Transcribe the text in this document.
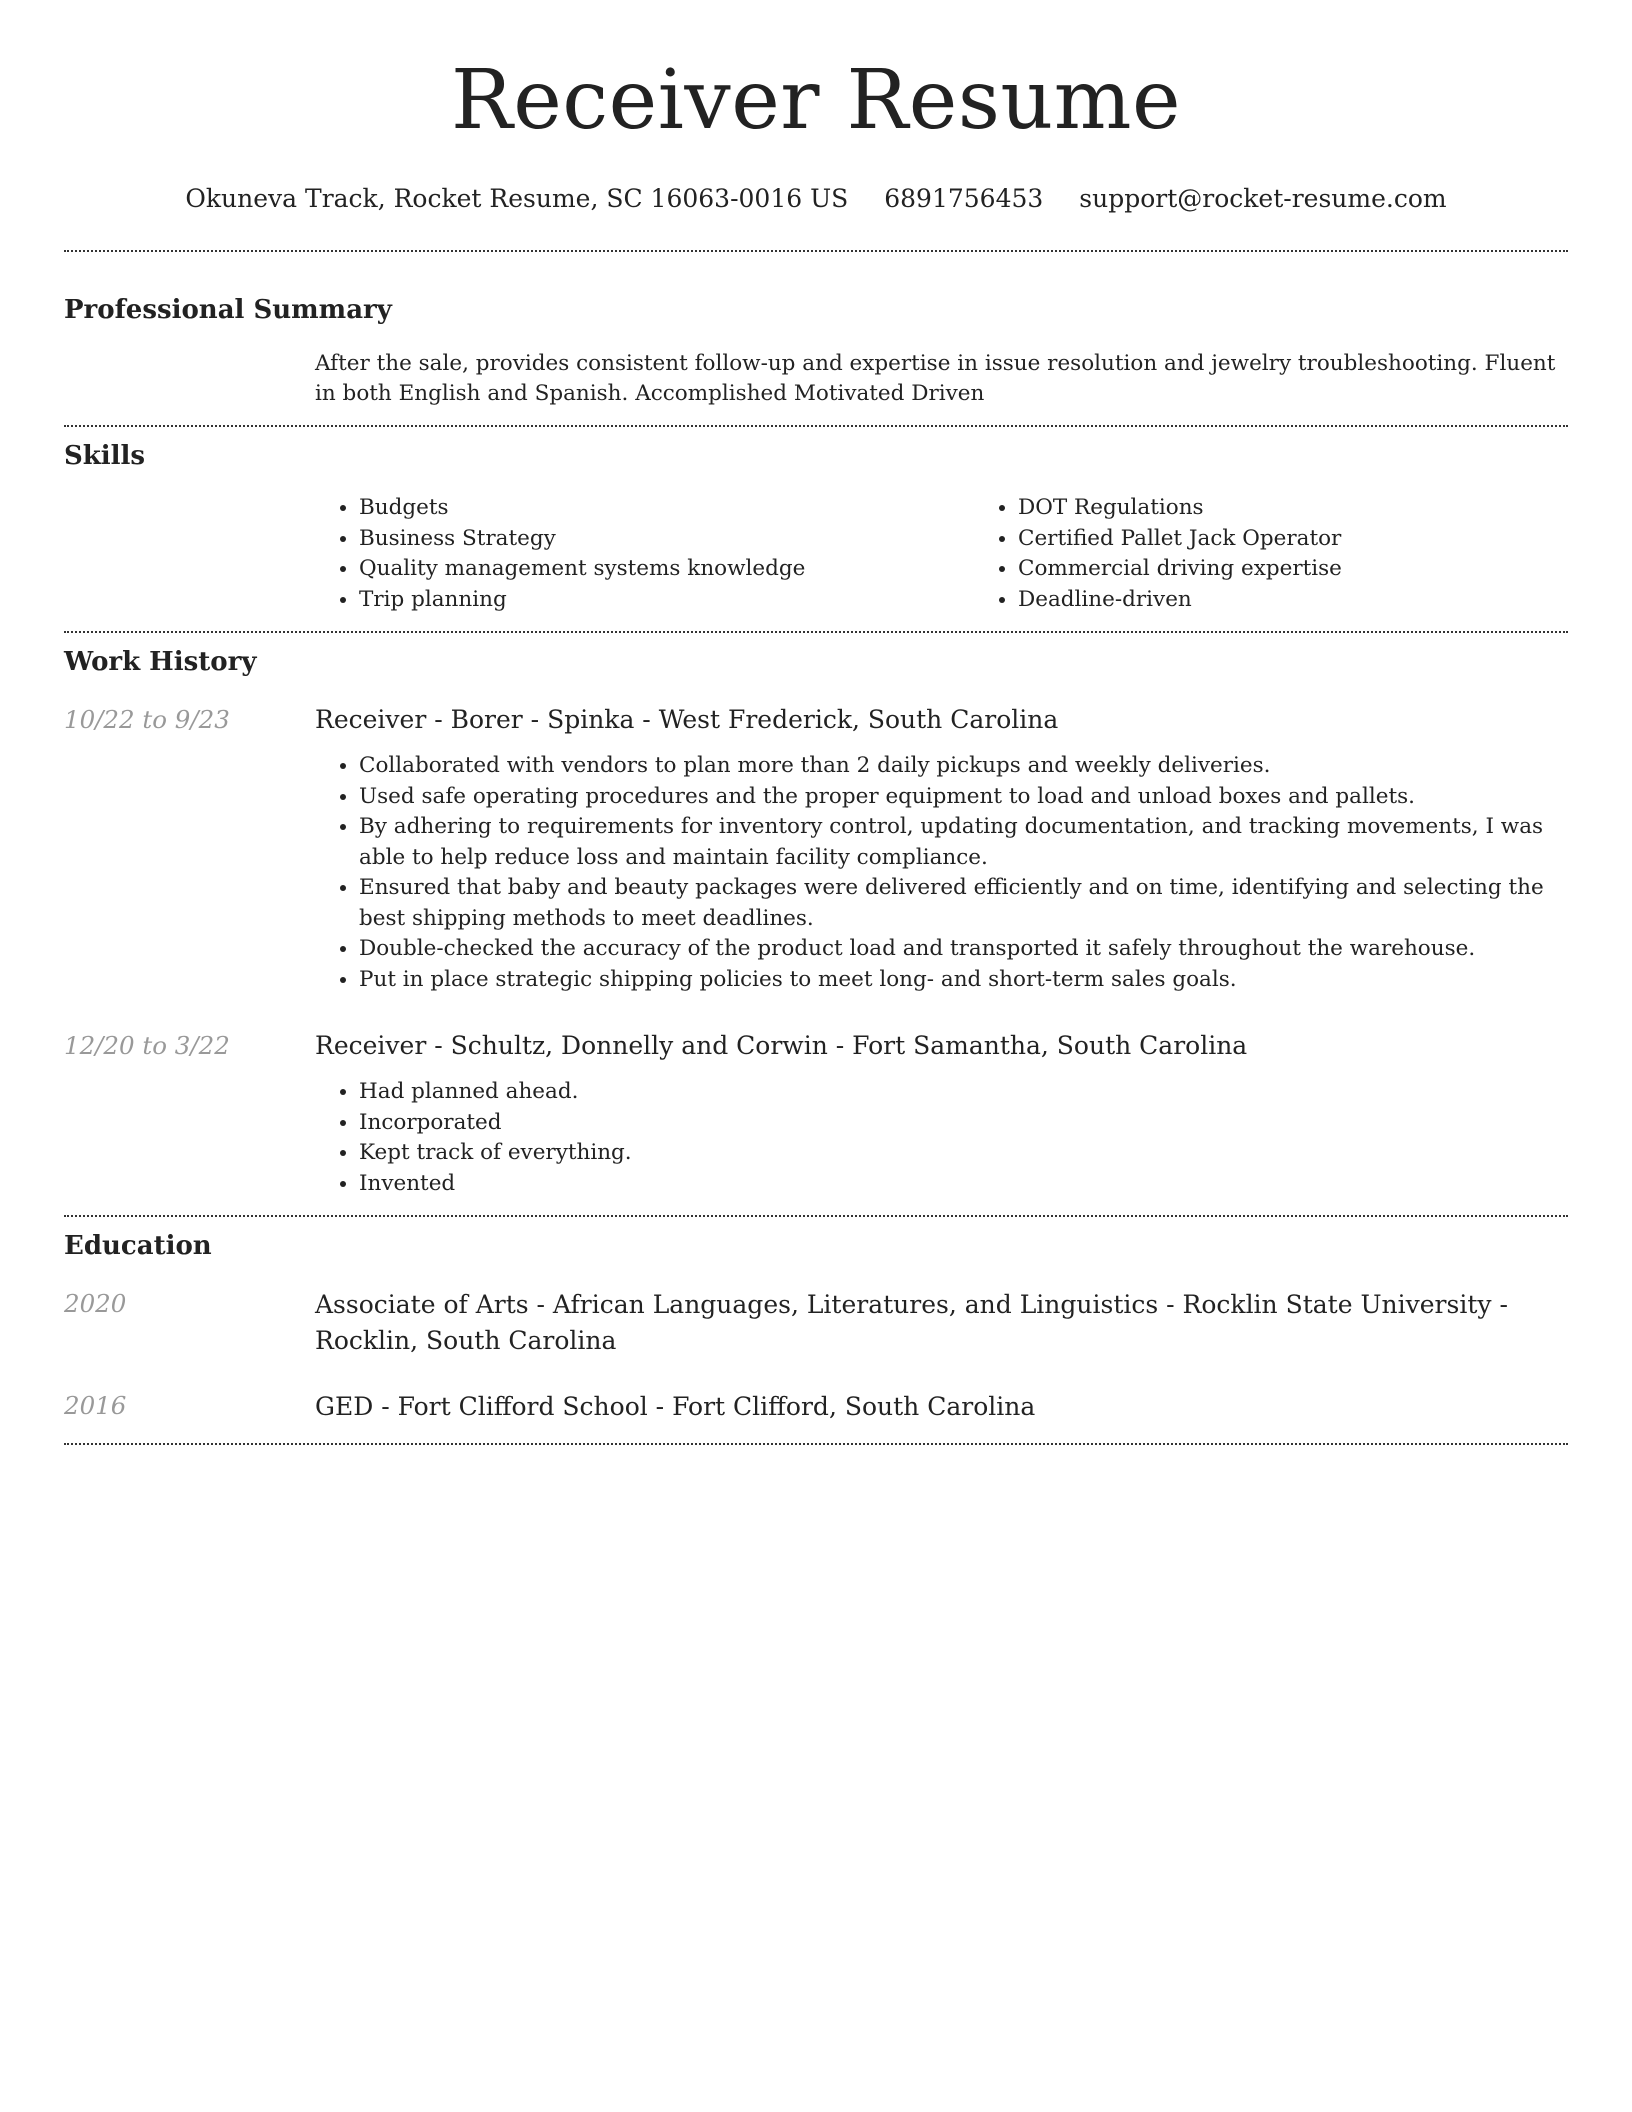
Receiver Resume
Okuneva Track, Rocket Resume, SC 16063-0016 US 6891756453 support@rocket-resume.com
Professional Summary
After the sale, provides consistent follow-up and expertise in issue resolution and jewelry troubleshooting. Fluent in both English and Spanish. Accomplished Motivated Driven
Skills
• Budgets
• Business Strategy
• Quality management systems knowledge
• Trip planning
• DOT Regulations
• Certified Pallet Jack Operator
• Commercial driving expertise
• Deadline-driven
Work History
10/22 to 9/23	Receiver - Borer - Spinka - West Frederick, South Carolina
• Collaborated with vendors to plan more than 2 daily pickups and weekly deliveries.
• Used safe operating procedures and the proper equipment to load and unload boxes and pallets.
• By adhering to requirements for inventory control, updating documentation, and tracking movements, I was able to help reduce loss and maintain facility compliance.
• Ensured that baby and beauty packages were delivered efficiently and on time, identifying and selecting the best shipping methods to meet deadlines.
• Double-checked the accuracy of the product load and transported it safely throughout the warehouse.
• Put in place strategic shipping policies to meet long- and short-term sales goals.
12/20 to 3/22	Receiver - Schultz, Donnelly and Corwin - Fort Samantha, South Carolina
• Had planned ahead.
• Incorporated
• Kept track of everything.
• Invented
Education
2020	Associate of Arts - African Languages, Literatures, and Linguistics - Rocklin State University - Rocklin, South Carolina
2016	GED - Fort Clifford School - Fort Clifford, South Carolina
